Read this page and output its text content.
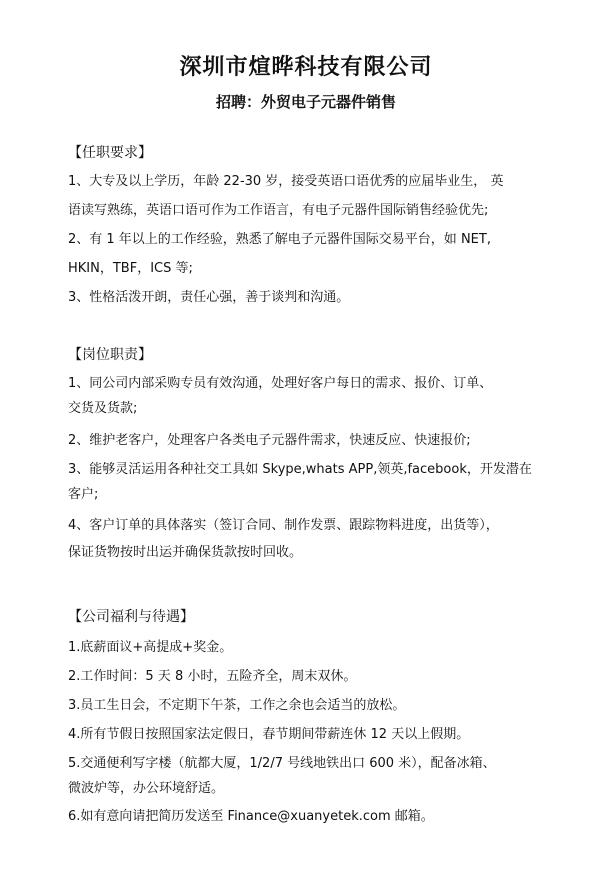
深圳市煊晔科技有限公司
招聘：外贸电子元器件销售
【任职要求】
1、大专及以上学历，年龄 22-30 岁，接受英语口语优秀的应届毕业生， 英
语读写熟练，英语口语可作为工作语言，有电子元器件国际销售经验优先;
2、有 1 年以上的工作经验，熟悉了解电子元器件国际交易平台，如 NET,
HKIN，TBF，ICS 等;
3、性格活泼开朗，责任心强，善于谈判和沟通。
【岗位职责】
1、同公司内部采购专员有效沟通，处理好客户每日的需求、报价、订单、
交货及货款;
2、维护老客户，处理客户各类电子元器件需求，快速反应、快速报价;
3、能够灵活运用各种社交工具如 Skype,whats APP,领英,facebook，开发潜在
客户;
4、客户订单的具体落实（签订合同、制作发票、跟踪物料进度，出货等），
保证货物按时出运并确保货款按时回收。
【公司福利与待遇】
1.底薪面议+高提成+奖金。
2.工作时间：5 天 8 小时，五险齐全，周末双休。
3.员工生日会，不定期下午茶，工作之余也会适当的放松。
4.所有节假日按照国家法定假日，春节期间带薪连休 12 天以上假期。
5.交通便利写字楼（航都大厦，1/2/7 号线地铁出口 600 米），配备冰箱、
微波炉等，办公环境舒适。
6.如有意向请把简历发送至 Finance@xuanyetek.com 邮箱。
